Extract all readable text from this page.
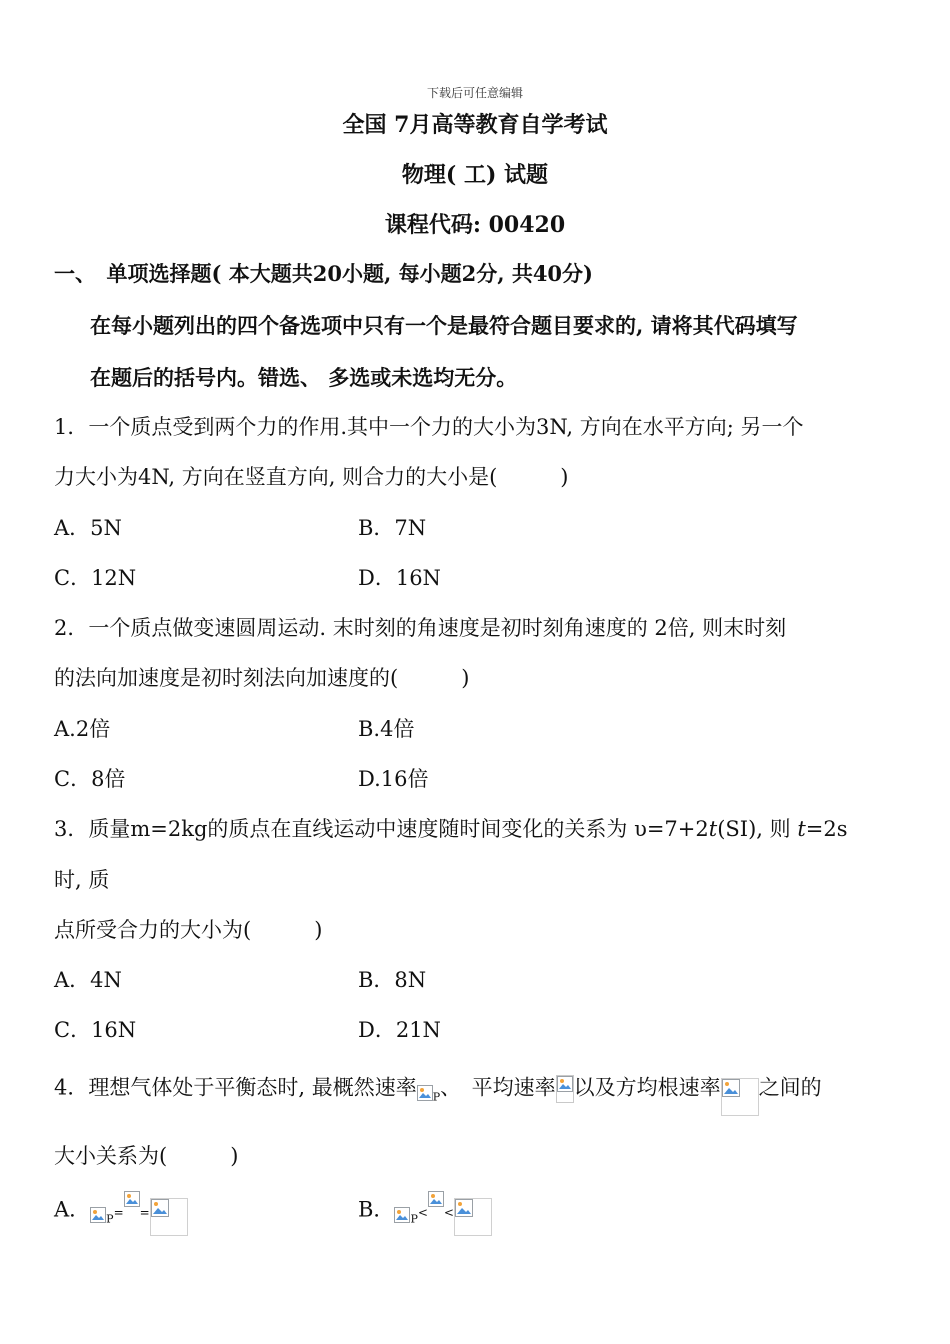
下载后可任意编辑
全国 7月高等教育自学考试
物理( 工) 试题
课程代码: 00420
一、　单项选择题( 本大题共20小题, 每小题2分, 共40分)
在每小题列出的四个备选项中只有一个是最符合题目要求的, 请将其代码填写
在题后的括号内。错选、 多选或未选均无分。
1．一个质点受到两个力的作用.其中一个力的大小为3N, 方向在水平方向; 另一个
力大小为4N, 方向在竖直方向, 则合力的大小是(　　　)
A．5N	B．7N
C．12N	D．16N
2．一个质点做变速圆周运动. 末时刻的角速度是初时刻角速度的 2倍, 则末时刻
的法向加速度是初时刻法向加速度的(　　　)
A.2倍	B.4倍
C．8倍	D.16倍
3．质量m=2kg的质点在直线运动中速度随时间变化的关系为 υ=7+2t(SI), 则 t=2s
时, 质
点所受合力的大小为(　　　)
A．4N	B．8N
C．16N	D．21N
4．理想气体处于平衡态时, 最概然速率 $_P$、　平均速率 以及方均根速率 之间的
大小关系为(　　　)
A． $_P$= =	B． $_P$< <
